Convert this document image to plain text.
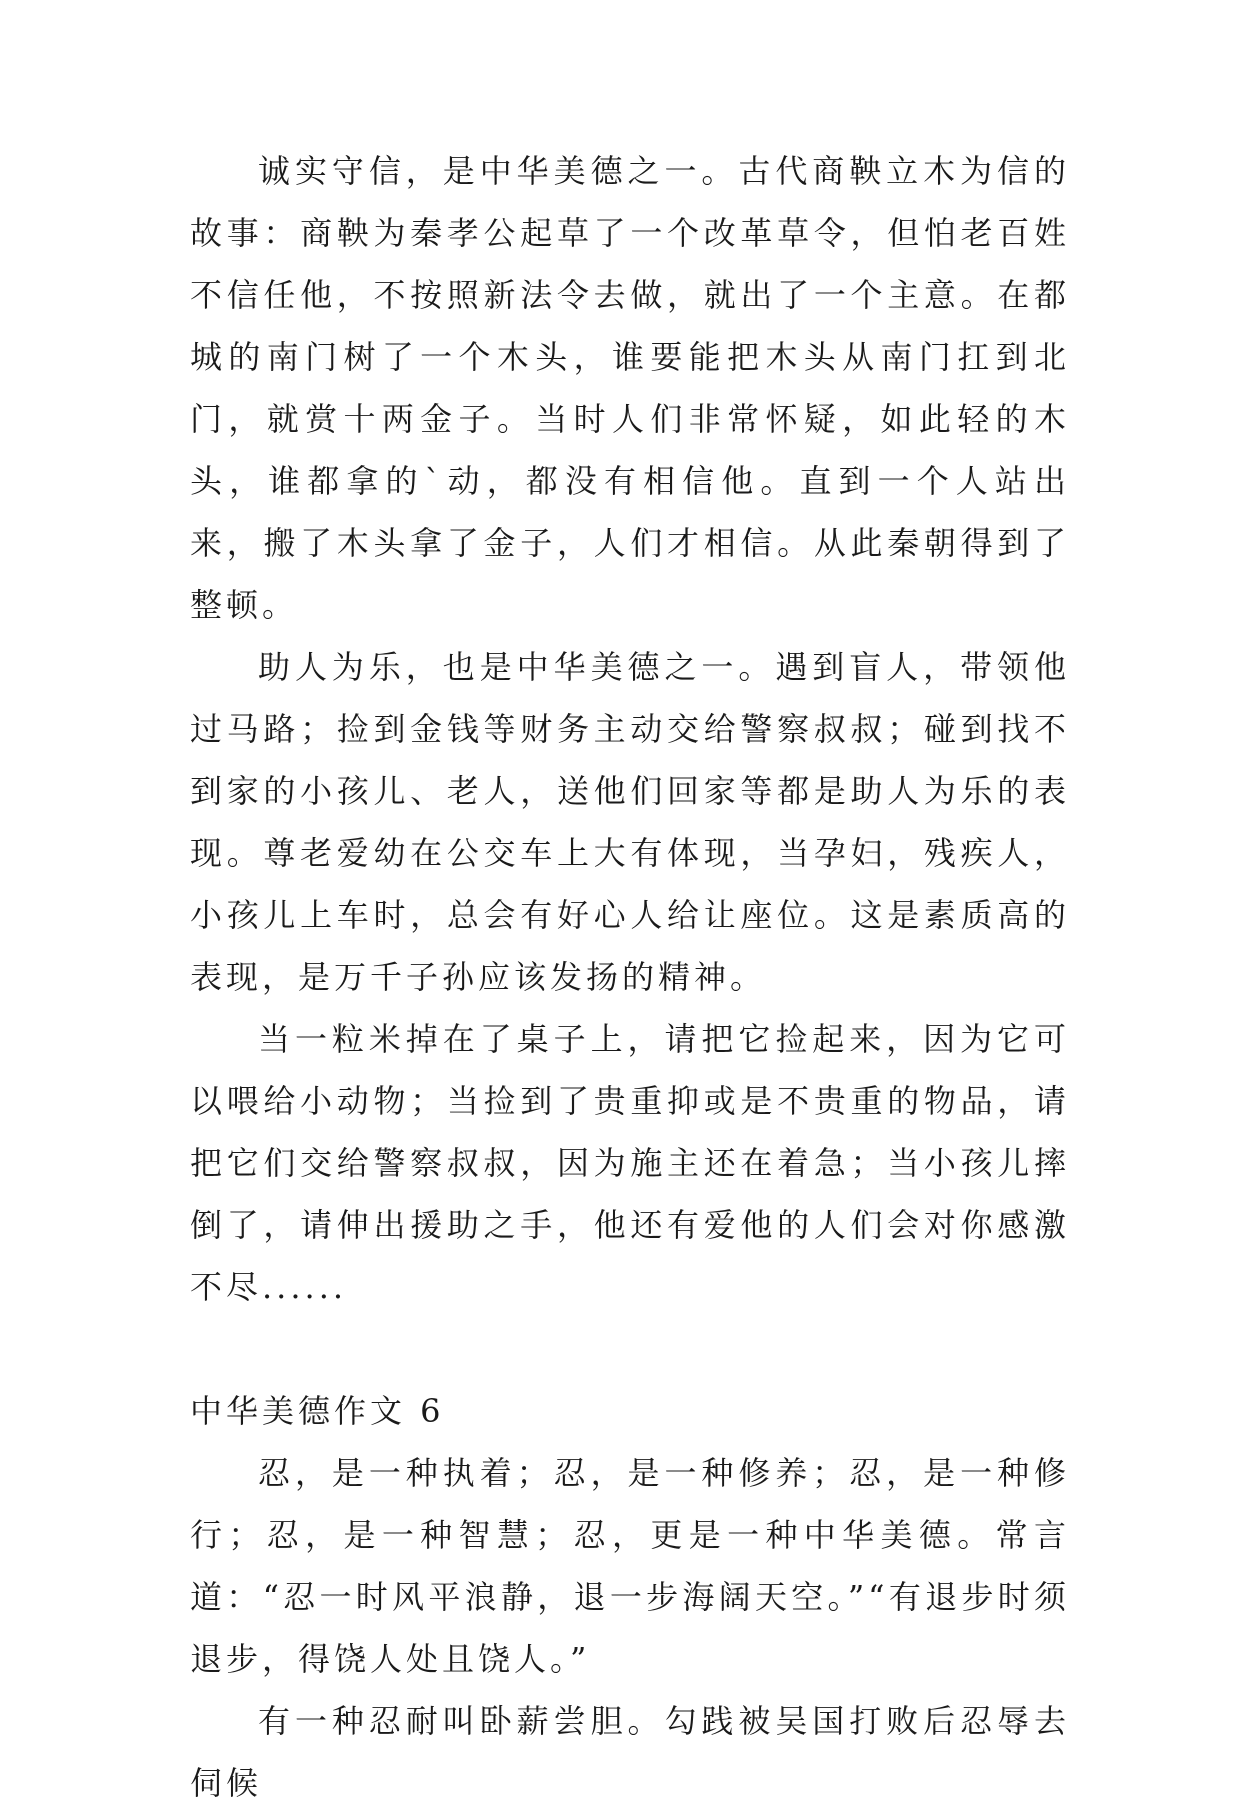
诚实守信，是中华美德之一。古代商鞅立木为信的故事：商鞅为秦孝公起草了一个改革草令，但怕老百姓不信任他，不按照新法令去做，就出了一个主意。在都城的南门树了一个木头，谁要能把木头从南门扛到北门，就赏十两金子。当时人们非常怀疑，如此轻的木头，谁都拿的`动，都没有相信他。直到一个人站出来，搬了木头拿了金子，人们才相信。从此秦朝得到了整顿。

助人为乐，也是中华美德之一。遇到盲人，带领他过马路；捡到金钱等财务主动交给警察叔叔；碰到找不到家的小孩儿、老人，送他们回家等都是助人为乐的表现。尊老爱幼在公交车上大有体现，当孕妇，残疾人，小孩儿上车时，总会有好心人给让座位。这是素质高的表现，是万千子孙应该发扬的精神。

当一粒米掉在了桌子上，请把它捡起来，因为它可以喂给小动物；当捡到了贵重抑或是不贵重的物品，请把它们交给警察叔叔，因为施主还在着急；当小孩儿摔倒了，请伸出援助之手，他还有爱他的人们会对你感激不尽......

中华美德作文 6

忍，是一种执着；忍，是一种修养；忍，是一种修行；忍，是一种智慧；忍，更是一种中华美德。常言道：“忍一时风平浪静，退一步海阔天空。”“有退步时须退步，得饶人处且饶人。”

有一种忍耐叫卧薪尝胆。勾践被吴国打败后忍辱去伺候
